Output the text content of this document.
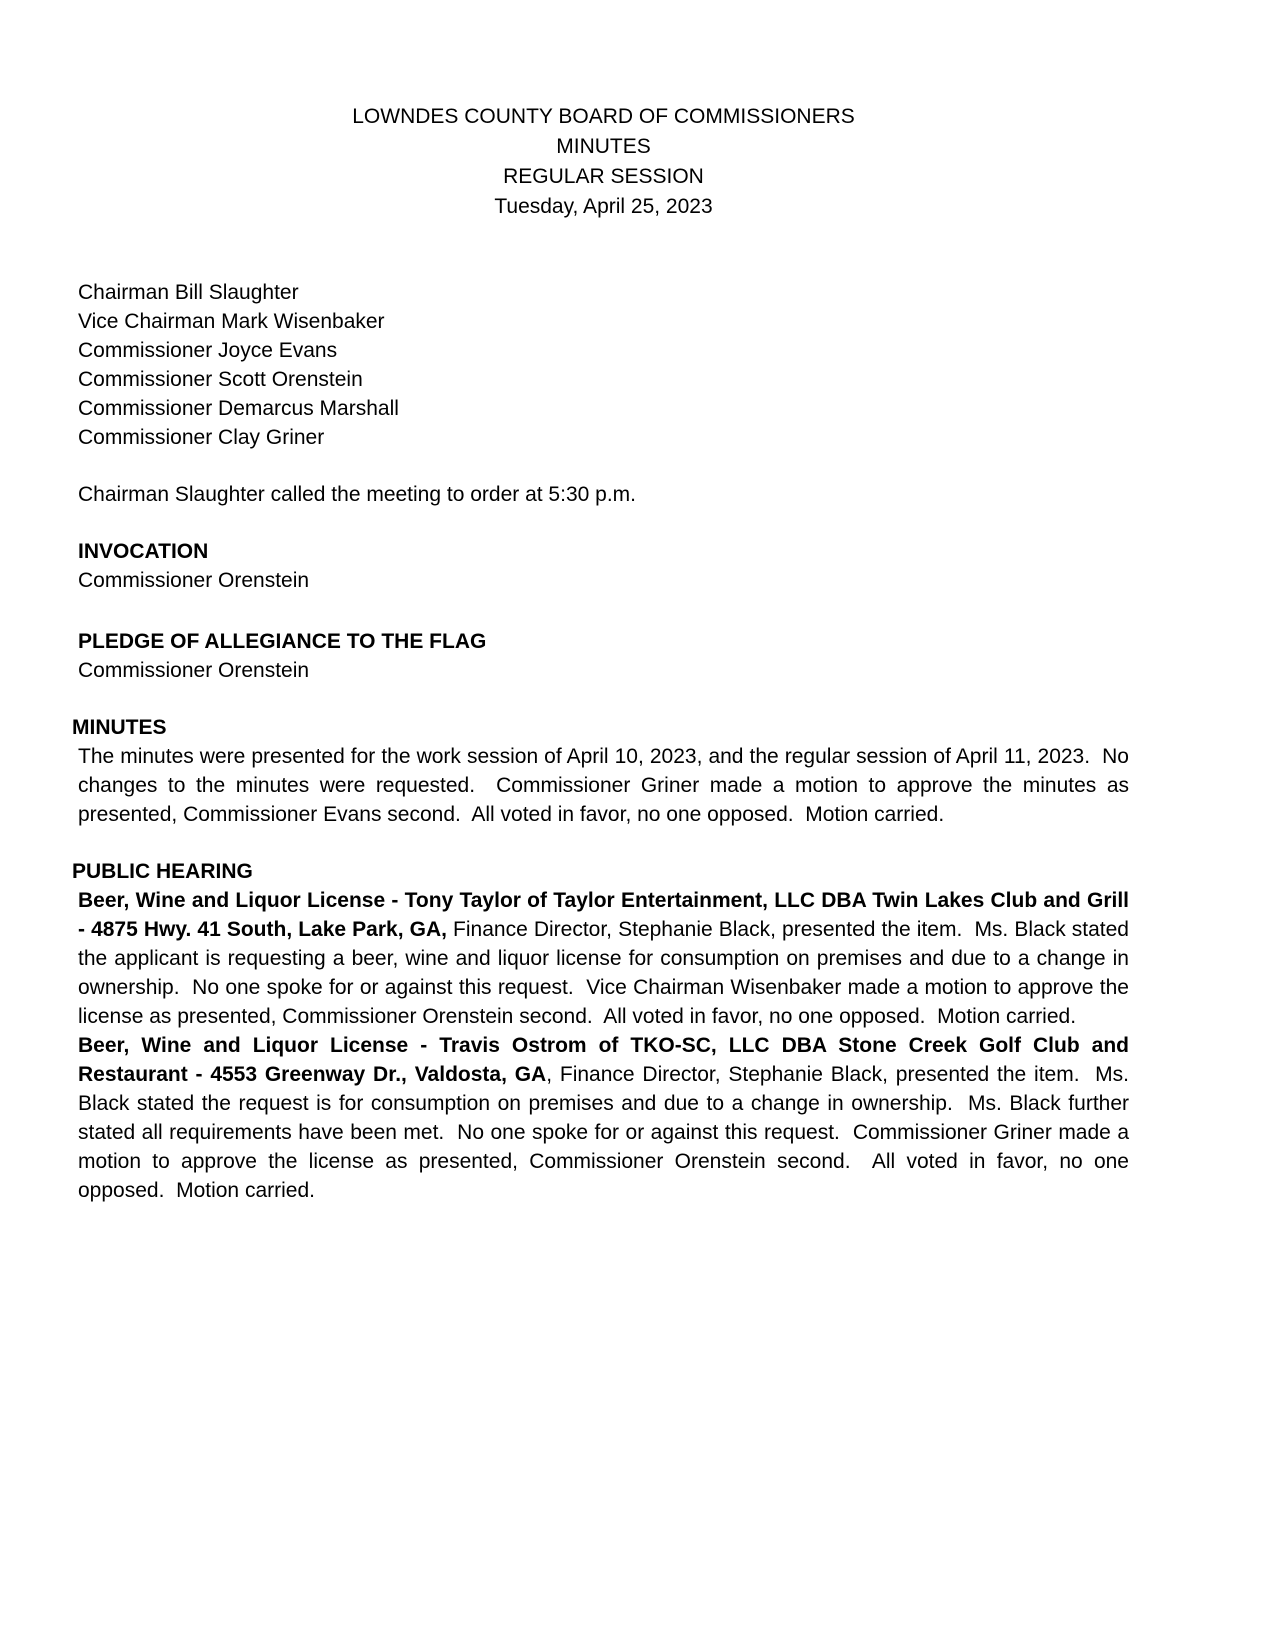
LOWNDES COUNTY BOARD OF COMMISSIONERS
MINUTES
REGULAR SESSION
Tuesday, April 25, 2023
Chairman Bill Slaughter
Vice Chairman Mark Wisenbaker
Commissioner Joyce Evans
Commissioner Scott Orenstein
Commissioner Demarcus Marshall
Commissioner Clay Griner
Chairman Slaughter called the meeting to order at 5:30 p.m.
INVOCATION
Commissioner Orenstein
PLEDGE OF ALLEGIANCE TO THE FLAG
Commissioner Orenstein
MINUTES

The minutes were presented for the work session of April 10, 2023, and the regular session of April 11, 2023.  No changes to the minutes were requested.  Commissioner Griner made a motion to approve the minutes as presented, Commissioner Evans second.  All voted in favor, no one opposed.  Motion carried.

PUBLIC HEARING

Beer, Wine and Liquor License - Tony Taylor of Taylor Entertainment, LLC DBA Twin Lakes Club and Grill - 4875 Hwy. 41 South, Lake Park, GA, Finance Director, Stephanie Black, presented the item.  Ms. Black stated the applicant is requesting a beer, wine and liquor license for consumption on premises and due to a change in ownership.  No one spoke for or against this request.  Vice Chairman Wisenbaker made a motion to approve the license as presented, Commissioner Orenstein second.  All voted in favor, no one opposed.  Motion carried.

Beer, Wine and Liquor License - Travis Ostrom of TKO-SC, LLC DBA Stone Creek Golf Club and Restaurant - 4553 Greenway Dr., Valdosta, GA, Finance Director, Stephanie Black, presented the item.  Ms. Black stated the request is for consumption on premises and due to a change in ownership.  Ms. Black further stated all requirements have been met.  No one spoke for or against this request.  Commissioner Griner made a motion to approve the license as presented, Commissioner Orenstein second.  All voted in favor, no one opposed.  Motion carried.
